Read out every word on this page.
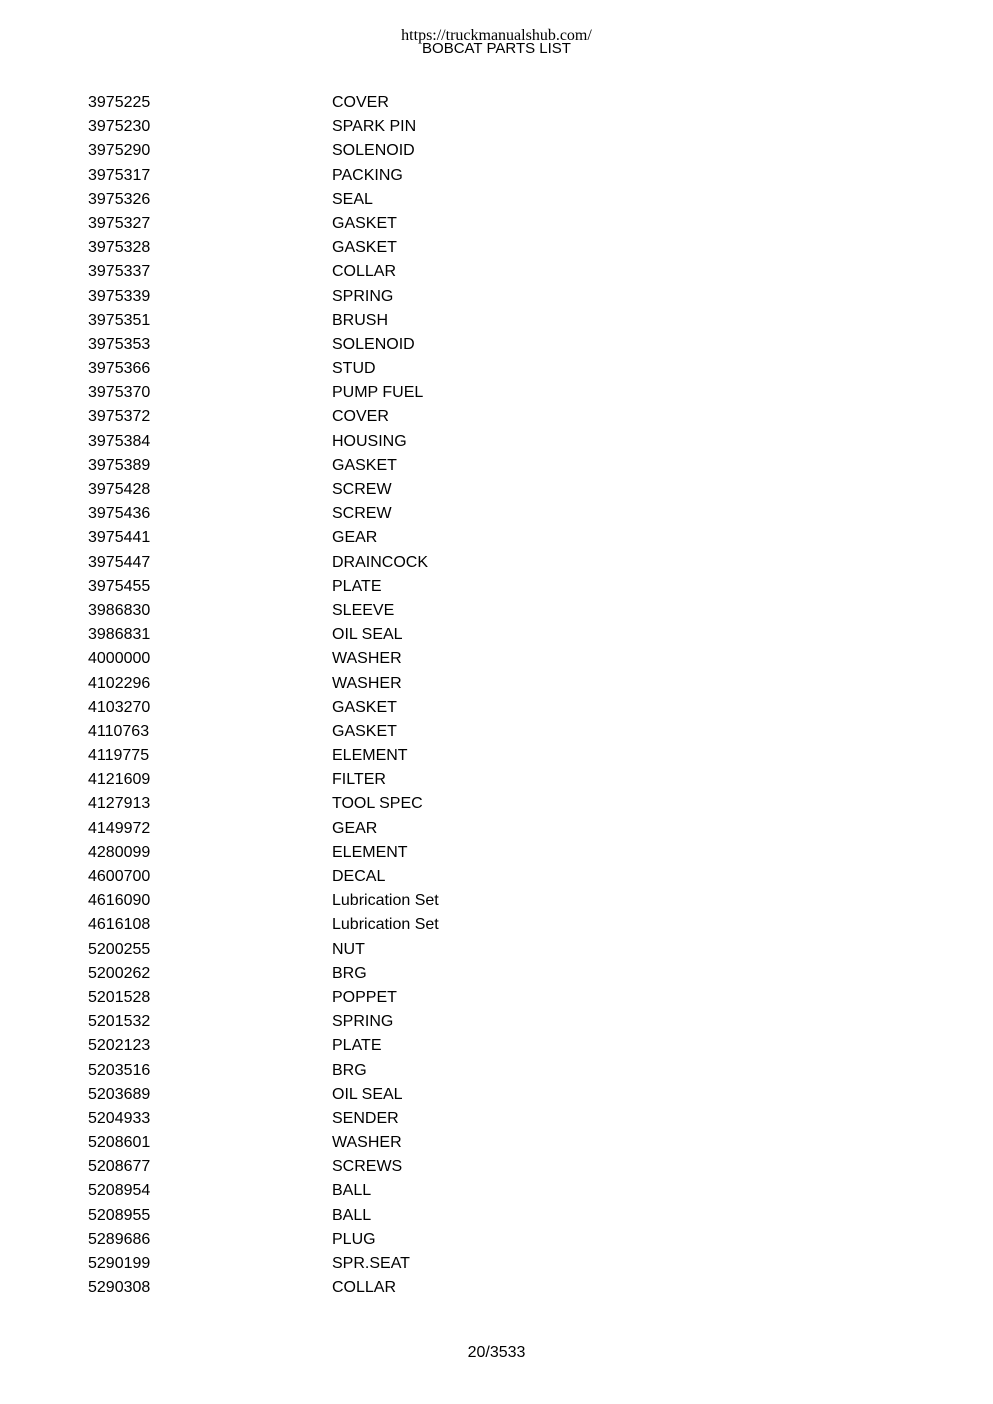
https://truckmanualshub.com/
BOBCAT PARTS LIST
3975225	COVER
3975230	SPARK PIN
3975290	SOLENOID
3975317	PACKING
3975326	SEAL
3975327	GASKET
3975328	GASKET
3975337	COLLAR
3975339	SPRING
3975351	BRUSH
3975353	SOLENOID
3975366	STUD
3975370	PUMP FUEL
3975372	COVER
3975384	HOUSING
3975389	GASKET
3975428	SCREW
3975436	SCREW
3975441	GEAR
3975447	DRAINCOCK
3975455	PLATE
3986830	SLEEVE
3986831	OIL SEAL
4000000	WASHER
4102296	WASHER
4103270	GASKET
4110763	GASKET
4119775	ELEMENT
4121609	FILTER
4127913	TOOL SPEC
4149972	GEAR
4280099	ELEMENT
4600700	DECAL
4616090	Lubrication Set
4616108	Lubrication Set
5200255	NUT
5200262	BRG
5201528	POPPET
5201532	SPRING
5202123	PLATE
5203516	BRG
5203689	OIL SEAL
5204933	SENDER
5208601	WASHER
5208677	SCREWS
5208954	BALL
5208955	BALL
5289686	PLUG
5290199	SPR.SEAT
5290308	COLLAR
20/3533
